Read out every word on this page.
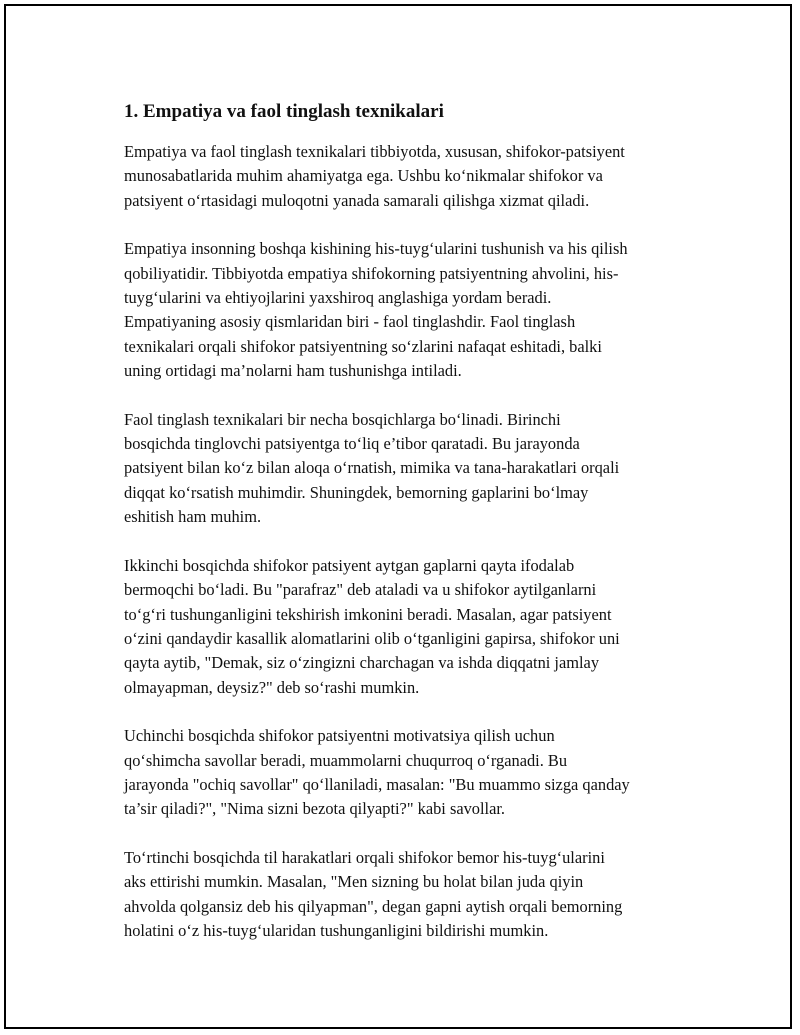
1. Empatiya va faol tinglash texnikalari

Empatiya va faol tinglash texnikalari tibbiyotda, xususan, shifokor-patsiyent
munosabatlarida muhim ahamiyatga ega. Ushbu ko‘nikmalar shifokor va
patsiyent o‘rtasidagi muloqotni yanada samarali qilishga xizmat qiladi.

Empatiya insonning boshqa kishining his-tuyg‘ularini tushunish va his qilish
qobiliyatidir. Tibbiyotda empatiya shifokorning patsiyentning ahvolini, his-
tuyg‘ularini va ehtiyojlarini yaxshiroq anglashiga yordam beradi.
Empatiyaning asosiy qismlaridan biri - faol tinglashdir. Faol tinglash
texnikalari orqali shifokor patsiyentning so‘zlarini nafaqat eshitadi, balki
uning ortidagi ma’nolarni ham tushunishga intiladi.

Faol tinglash texnikalari bir necha bosqichlarga bo‘linadi. Birinchi
bosqichda tinglovchi patsiyentga to‘liq e’tibor qaratadi. Bu jarayonda
patsiyent bilan ko‘z bilan aloqa o‘rnatish, mimika va tana-harakatlari orqali
diqqat ko‘rsatish muhimdir. Shuningdek, bemorning gaplarini bo‘lmay
eshitish ham muhim.

Ikkinchi bosqichda shifokor patsiyent aytgan gaplarni qayta ifodalab
bermoqchi bo‘ladi. Bu "parafraz" deb ataladi va u shifokor aytilganlarni
to‘g‘ri tushunganligini tekshirish imkonini beradi. Masalan, agar patsiyent
o‘zini qandaydir kasallik alomatlarini olib o‘tganligini gapirsa, shifokor uni
qayta aytib, "Demak, siz o‘zingizni charchagan va ishda diqqatni jamlay
olmayapman, deysiz?" deb so‘rashi mumkin.

Uchinchi bosqichda shifokor patsiyentni motivatsiya qilish uchun
qo‘shimcha savollar beradi, muammolarni chuqurroq o‘rganadi. Bu
jarayonda "ochiq savollar" qo‘llaniladi, masalan: "Bu muammo sizga qanday
ta’sir qiladi?", "Nima sizni bezota qilyapti?" kabi savollar.

To‘rtinchi bosqichda til harakatlari orqali shifokor bemor his-tuyg‘ularini
aks ettirishi mumkin. Masalan, "Men sizning bu holat bilan juda qiyin
ahvolda qolgansiz deb his qilyapman", degan gapni aytish orqali bemorning
holatini o‘z his-tuyg‘ularidan tushunganligini bildirishi mumkin.
